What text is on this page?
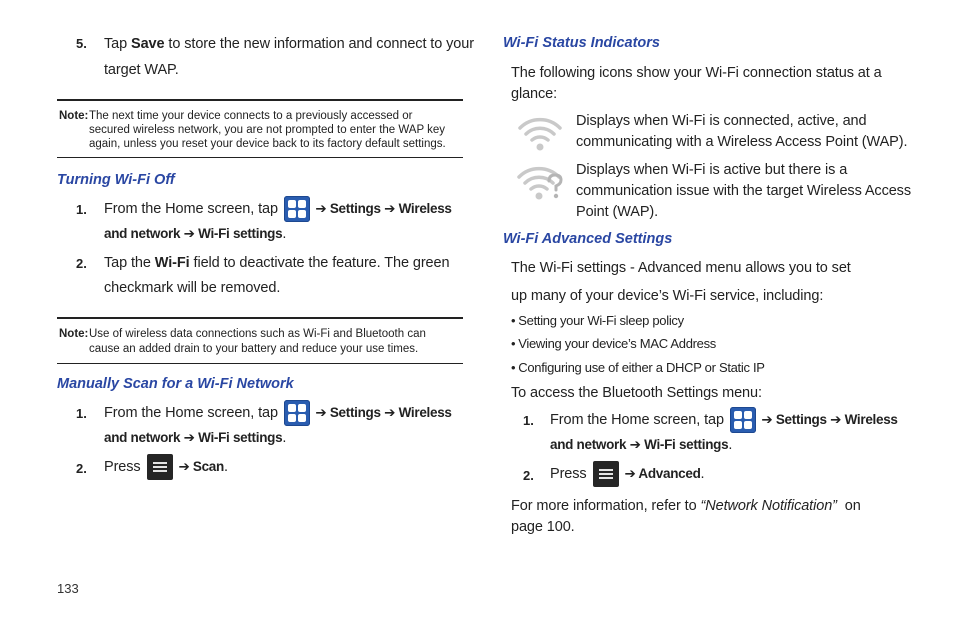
5. Tap Save to store the new information and connect to your
target WAP.
Note: The next time your device connects to a previously accessed or
secured wireless network, you are not prompted to enter the WAP key
again, unless you reset your device back to its factory default settings.
Turning Wi-Fi Off
1. From the Home screen, tap
➔ Settings ➔ Wireless
and network ➔ Wi-Fi settings.
2. Tap the Wi-Fi field to deactivate the feature. The green
checkmark will be removed.
Note: Use of wireless data connections such as Wi-Fi and Bluetooth can
cause an added drain to your battery and reduce your use times.
Manually Scan for a Wi-Fi Network
1. From the Home screen, tap
➔ Settings ➔ Wireless
and network ➔ Wi-Fi settings.
2. Press	➔ Scan.
133
Wi-Fi Status Indicators
The following icons show your Wi-Fi connection status at a
glance:
Displays when Wi-Fi is connected, active, and
communicating with a Wireless Access Point (WAP).
Displays when Wi-Fi is active but there is a
communication issue with the target Wireless Access
Point (WAP).
Wi-Fi Advanced Settings
The Wi-Fi settings - Advanced menu allows you to set
up many of your device’s Wi-Fi service, including:
• Setting your Wi-Fi sleep policy
• Viewing your device’s MAC Address
• Configuring use of either a DHCP or Static IP
To access the Bluetooth Settings menu:
1. From the Home screen, tap
➔ Settings ➔ Wireless
and network ➔ Wi-Fi settings.
2. Press	➔ Advanced.
For more information, refer to “Network Notification”  on
page 100.
